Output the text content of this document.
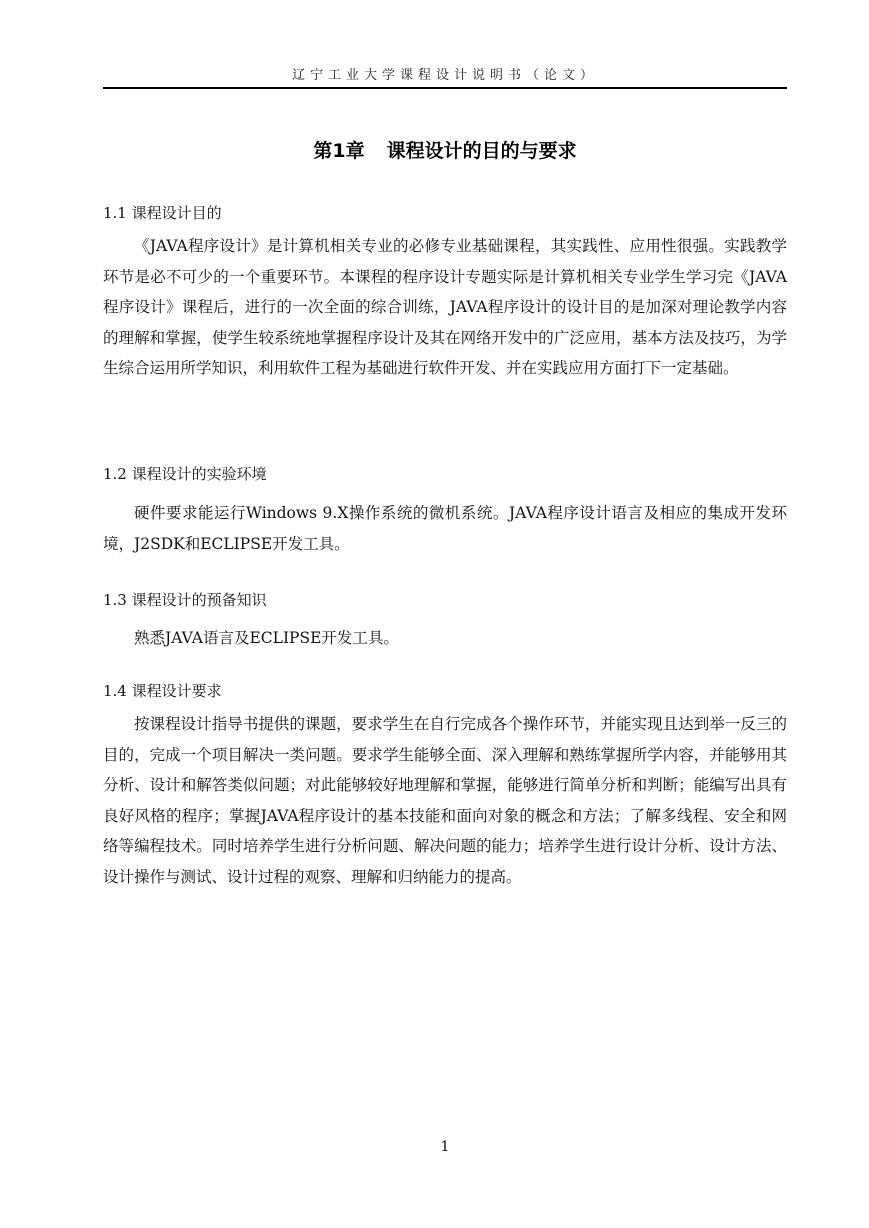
辽宁工业大学课程设计说明书（论文）
第1章 课程设计的目的与要求
1.1 课程设计目的

《JAVA程序设计》是计算机相关专业的必修专业基础课程，其实践性、应用性很强。实践教学环节是必不可少的一个重要环节。本课程的程序设计专题实际是计算机相关专业学生学习完《JAVA程序设计》课程后，进行的一次全面的综合训练，JAVA程序设计的设计目的是加深对理论教学内容的理解和掌握，使学生较系统地掌握程序设计及其在网络开发中的广泛应用，基本方法及技巧，为学生综合运用所学知识，利用软件工程为基础进行软件开发、并在实践应用方面打下一定基础。

1.2 课程设计的实验环境

硬件要求能运行Windows 9.X操作系统的微机系统。JAVA程序设计语言及相应的集成开发环境，J2SDK和ECLIPSE开发工具。

1.3 课程设计的预备知识

熟悉JAVA语言及ECLIPSE开发工具。

1.4 课程设计要求

按课程设计指导书提供的课题，要求学生在自行完成各个操作环节，并能实现且达到举一反三的目的，完成一个项目解决一类问题。要求学生能够全面、深入理解和熟练掌握所学内容，并能够用其分析、设计和解答类似问题；对此能够较好地理解和掌握，能够进行简单分析和判断；能编写出具有良好风格的程序；掌握JAVA程序设计的基本技能和面向对象的概念和方法；了解多线程、安全和网络等编程技术。同时培养学生进行分析问题、解决问题的能力；培养学生进行设计分析、设计方法、设计操作与测试、设计过程的观察、理解和归纳能力的提高。

1
